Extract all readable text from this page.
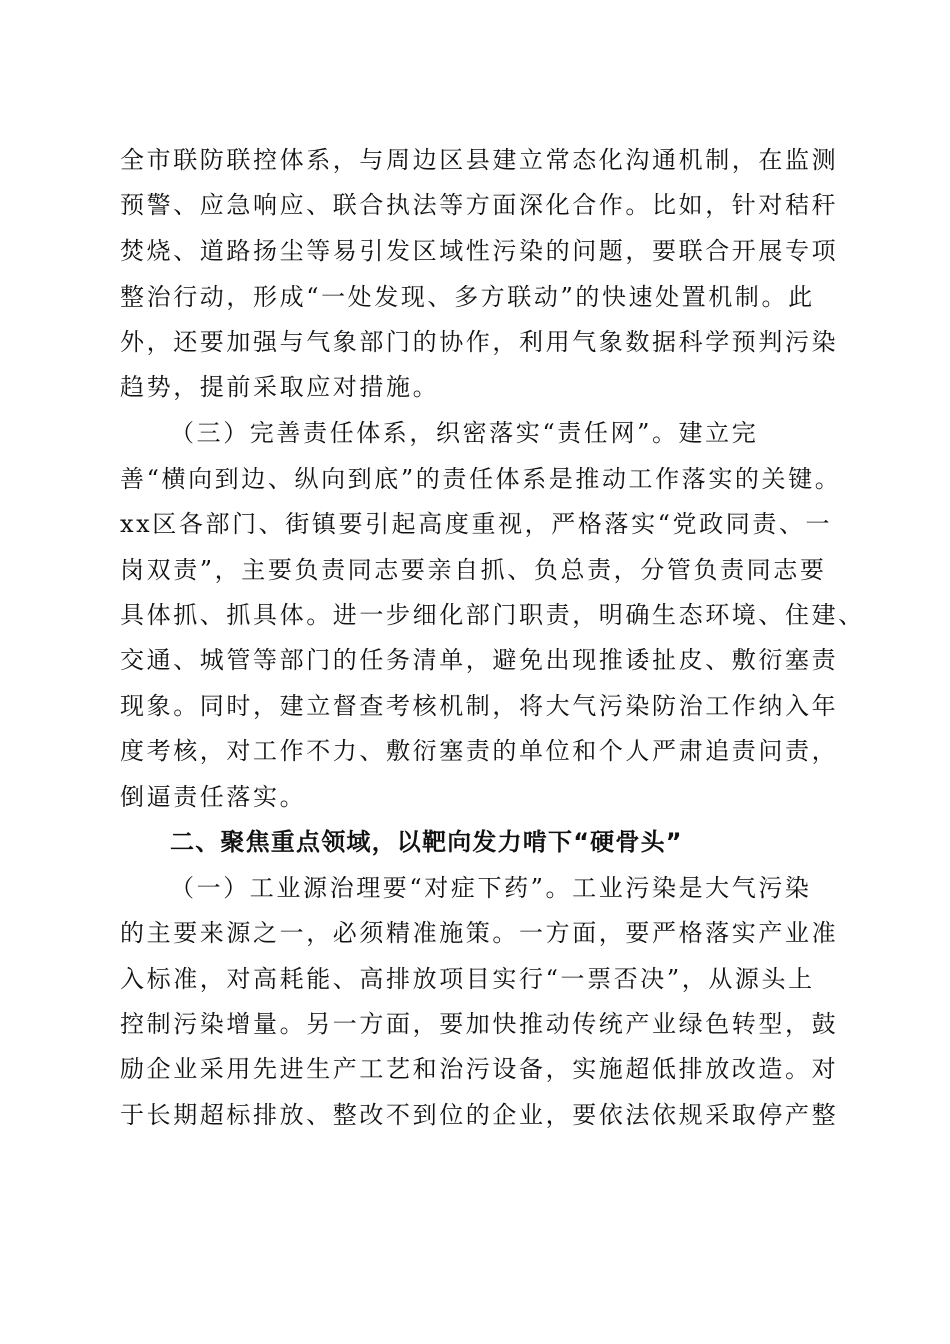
全市联防联控体系，与周边区县建立常态化沟通机制，在监测
预警、应急响应、联合执法等方面深化合作。比如，针对秸秆
焚烧、道路扬尘等易引发区域性污染的问题，要联合开展专项
整治行动，形成“一处发现、多方联动”的快速处置机制。此
外，还要加强与气象部门的协作，利用气象数据科学预判污染
趋势，提前采取应对措施。
（三）完善责任体系，织密落实“责任网”。建立完
善“横向到边、纵向到底”的责任体系是推动工作落实的关键。
xx区各部门、街镇要引起高度重视，严格落实“党政同责、一
岗双责”，主要负责同志要亲自抓、负总责，分管负责同志要
具体抓、抓具体。进一步细化部门职责，明确生态环境、住建、
交通、城管等部门的任务清单，避免出现推诿扯皮、敷衍塞责
现象。同时，建立督查考核机制，将大气污染防治工作纳入年
度考核，对工作不力、敷衍塞责的单位和个人严肃追责问责，
倒逼责任落实。
二、聚焦重点领域，以靶向发力啃下“硬骨头”
（一）工业源治理要“对症下药”。工业污染是大气污染
的主要来源之一，必须精准施策。一方面，要严格落实产业准
入标准，对高耗能、高排放项目实行“一票否决”，从源头上
控制污染增量。另一方面，要加快推动传统产业绿色转型，鼓
励企业采用先进生产工艺和治污设备，实施超低排放改造。对
于长期超标排放、整改不到位的企业，要依法依规采取停产整
